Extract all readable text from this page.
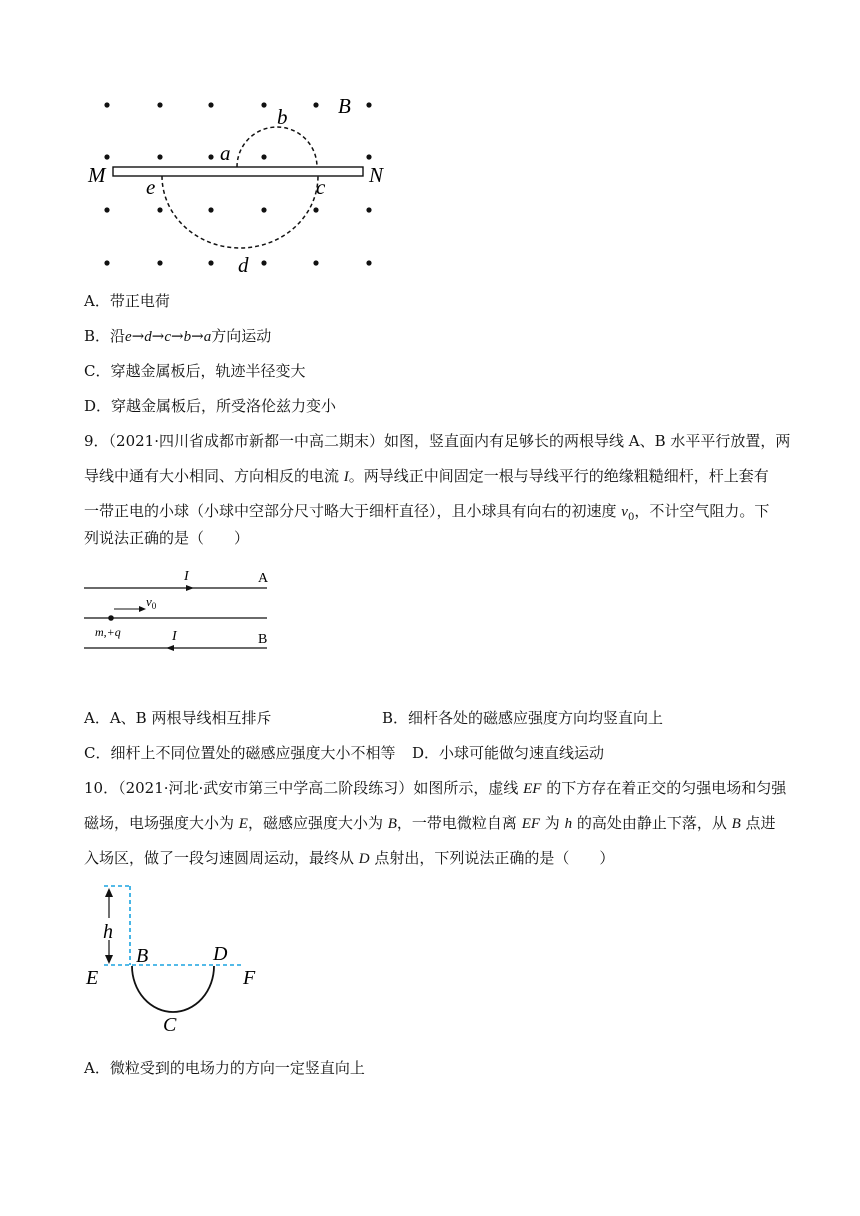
B
b
a
M	N
e	c
d
A．带正电荷
B．沿e→d→c→b→a方向运动
C．穿越金属板后，轨迹半径变大
D．穿越金属板后，所受洛伦兹力变小
9．（2021·四川省成都市新都一中高二期末）如图，竖直面内有足够长的两根导线 A、B 水平平行放置，两
导线中通有大小相同、方向相反的电流 I。两导线正中间固定一根与导线平行的绝缘粗糙细杆，杆上套有
一带正电的小球（小球中空部分尺寸略大于细杆直径），且小球具有向右的初速度 $v_0$，不计空气阻力。下
列说法正确的是（　　）
I	A
$v_0$
m,+q	I	B
A．A、B 两根导线相互排斥	B．细杆各处的磁感应强度方向均竖直向上
C．细杆上不同位置处的磁感应强度大小不相等 D．小球可能做匀速直线运动
10．（2021·河北·武安市第三中学高二阶段练习）如图所示，虚线 EF 的下方存在着正交的匀强电场和匀强
磁场，电场强度大小为 E，磁感应强度大小为 B，一带电微粒自离 EF 为 h 的高处由静止下落，从 B 点进
入场区，做了一段匀速圆周运动，最终从 D 点射出，下列说法正确的是（　　）
h
B	D
E	F
C
A．微粒受到的电场力的方向一定竖直向上
